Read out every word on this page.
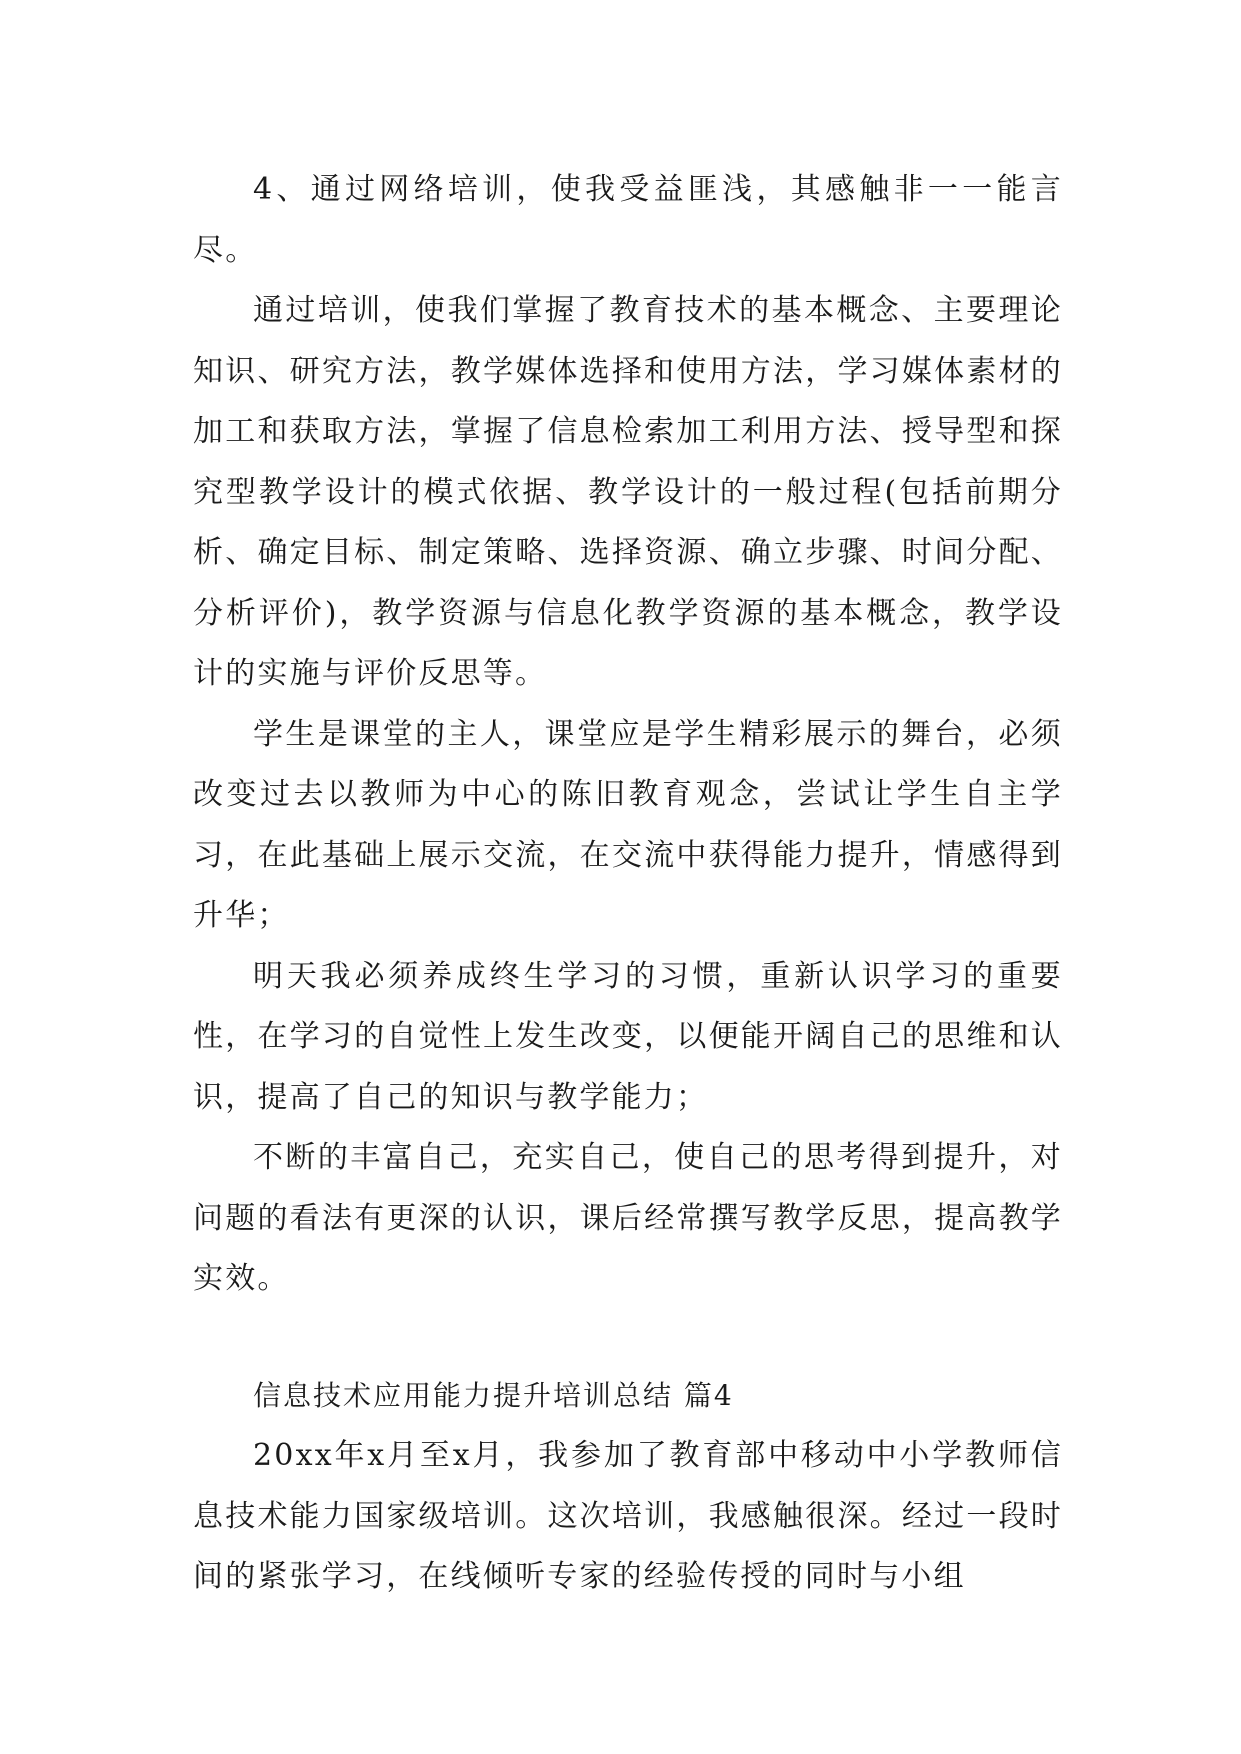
4、通过网络培训，使我受益匪浅，其感触非一一能言尽。

通过培训，使我们掌握了教育技术的基本概念、主要理论知识、研究方法，教学媒体选择和使用方法，学习媒体素材的加工和获取方法，掌握了信息检索加工利用方法、授导型和探究型教学设计的模式依据、教学设计的一般过程(包括前期分析、确定目标、制定策略、选择资源、确立步骤、时间分配、分析评价)，教学资源与信息化教学资源的基本概念，教学设计的实施与评价反思等。

学生是课堂的主人，课堂应是学生精彩展示的舞台，必须改变过去以教师为中心的陈旧教育观念，尝试让学生自主学习，在此基础上展示交流，在交流中获得能力提升，情感得到升华；

明天我必须养成终生学习的习惯，重新认识学习的重要性，在学习的自觉性上发生改变，以便能开阔自己的思维和认识，提高了自己的知识与教学能力；

不断的丰富自己，充实自己，使自己的思考得到提升，对问题的看法有更深的认识，课后经常撰写教学反思，提高教学实效。

信息技术应用能力提升培训总结 篇4

20xx年x月至x月，我参加了教育部中移动中小学教师信息技术能力国家级培训。这次培训，我感触很深。经过一段时间的紧张学习，在线倾听专家的经验传授的同时与小组
